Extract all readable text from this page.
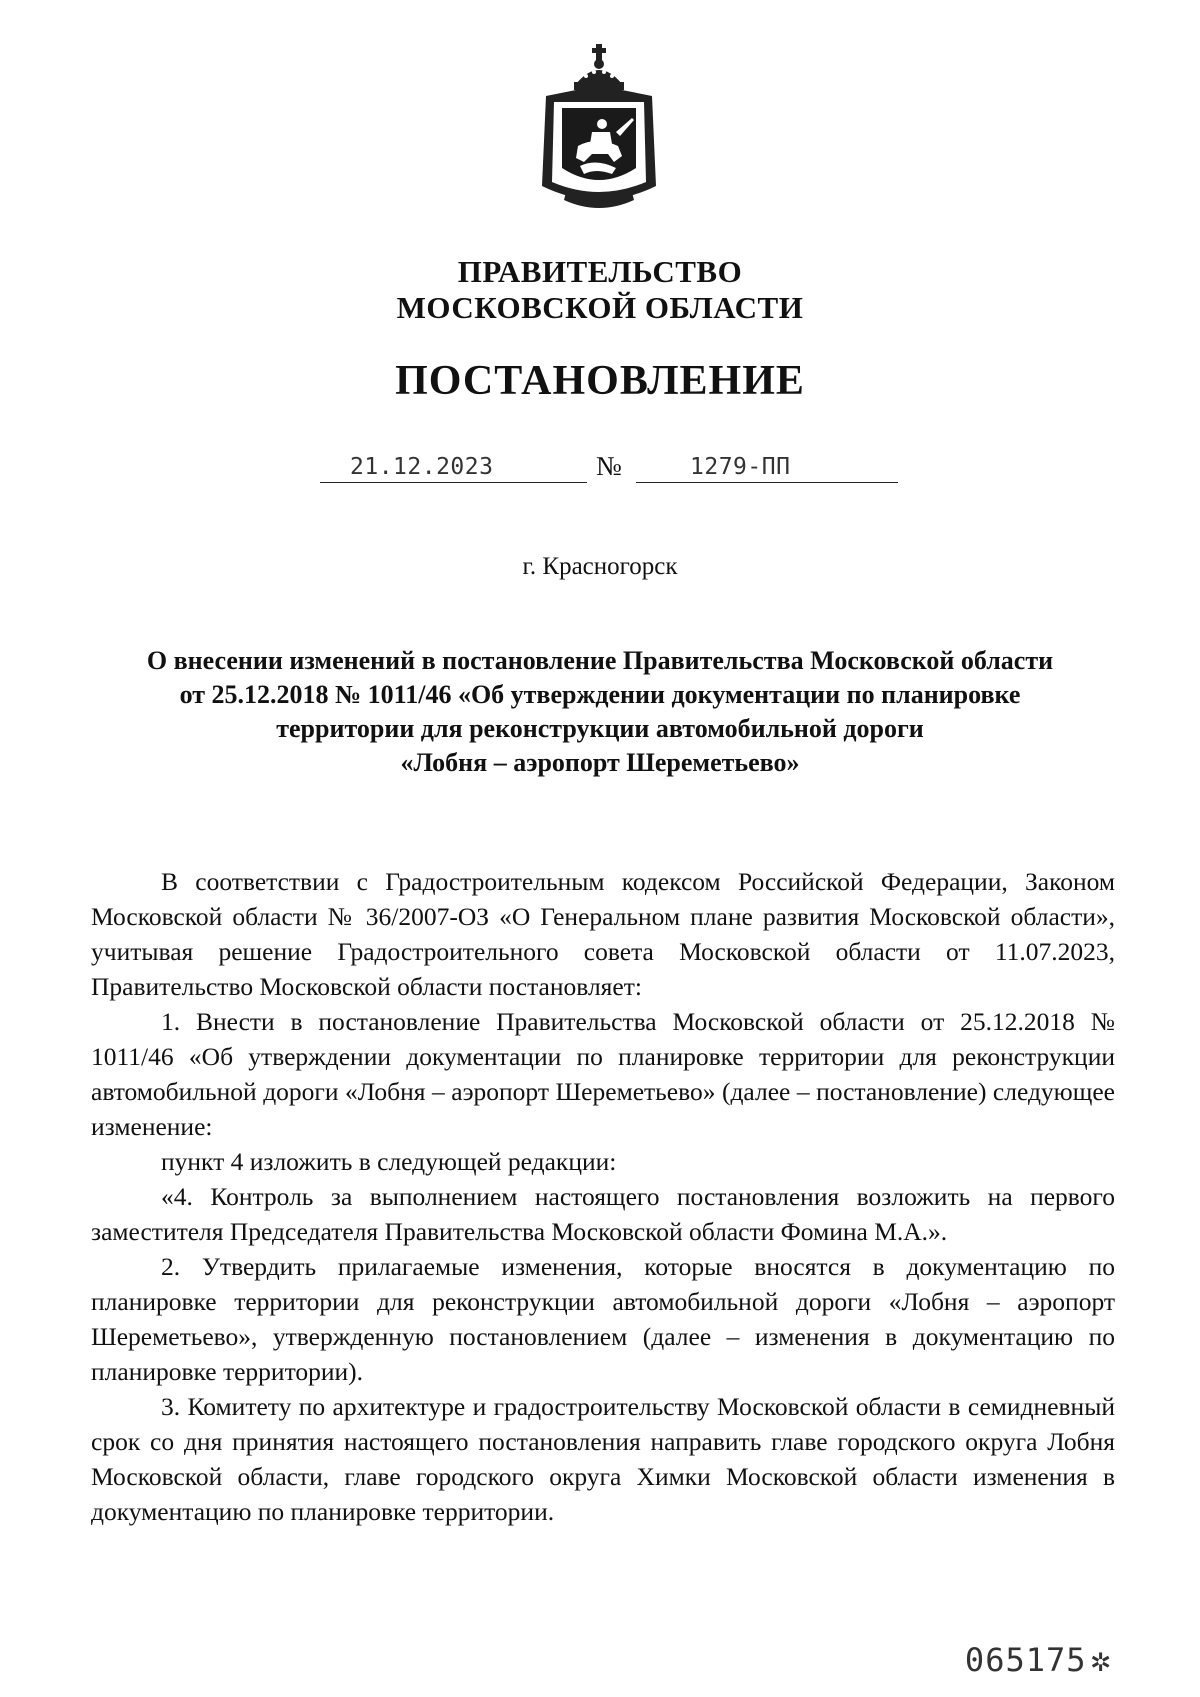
ПРАВИТЕЛЬСТВО
МОСКОВСКОЙ ОБЛАСТИ
ПОСТАНОВЛЕНИЕ
21.12.2023	№	1279-ПП
г. Красногорск
О внесении изменений в постановление Правительства Московской области
от 25.12.2018 № 1011/46 «Об утверждении документации по планировке
территории для реконструкции автомобильной дороги
«Лобня – аэропорт Шереметьево»

В соответствии с Градостроительным кодексом Российской Федерации, Законом Московской области № 36/2007-ОЗ «О Генеральном плане развития Московской области», учитывая решение Градостроительного совета Московской области от 11.07.2023, Правительство Московской области постановляет:

1. Внести в постановление Правительства Московской области от 25.12.2018 № 1011/46 «Об утверждении документации по планировке территории для реконструкции автомобильной дороги «Лобня – аэропорт Шереметьево» (далее – постановление) следующее изменение:

пункт 4 изложить в следующей редакции:

«4. Контроль за выполнением настоящего постановления возложить на первого заместителя Председателя Правительства Московской области Фомина М.А.».

2. Утвердить прилагаемые изменения, которые вносятся в документацию по планировке территории для реконструкции автомобильной дороги «Лобня – аэропорт Шереметьево», утвержденную постановлением (далее – изменения в документацию по планировке территории).

3. Комитету по архитектуре и градостроительству Московской области в семидневный срок со дня принятия настоящего постановления направить главе городского округа Лобня Московской области, главе городского округа Химки Московской области изменения в документацию по планировке территории.

065175 ✲
